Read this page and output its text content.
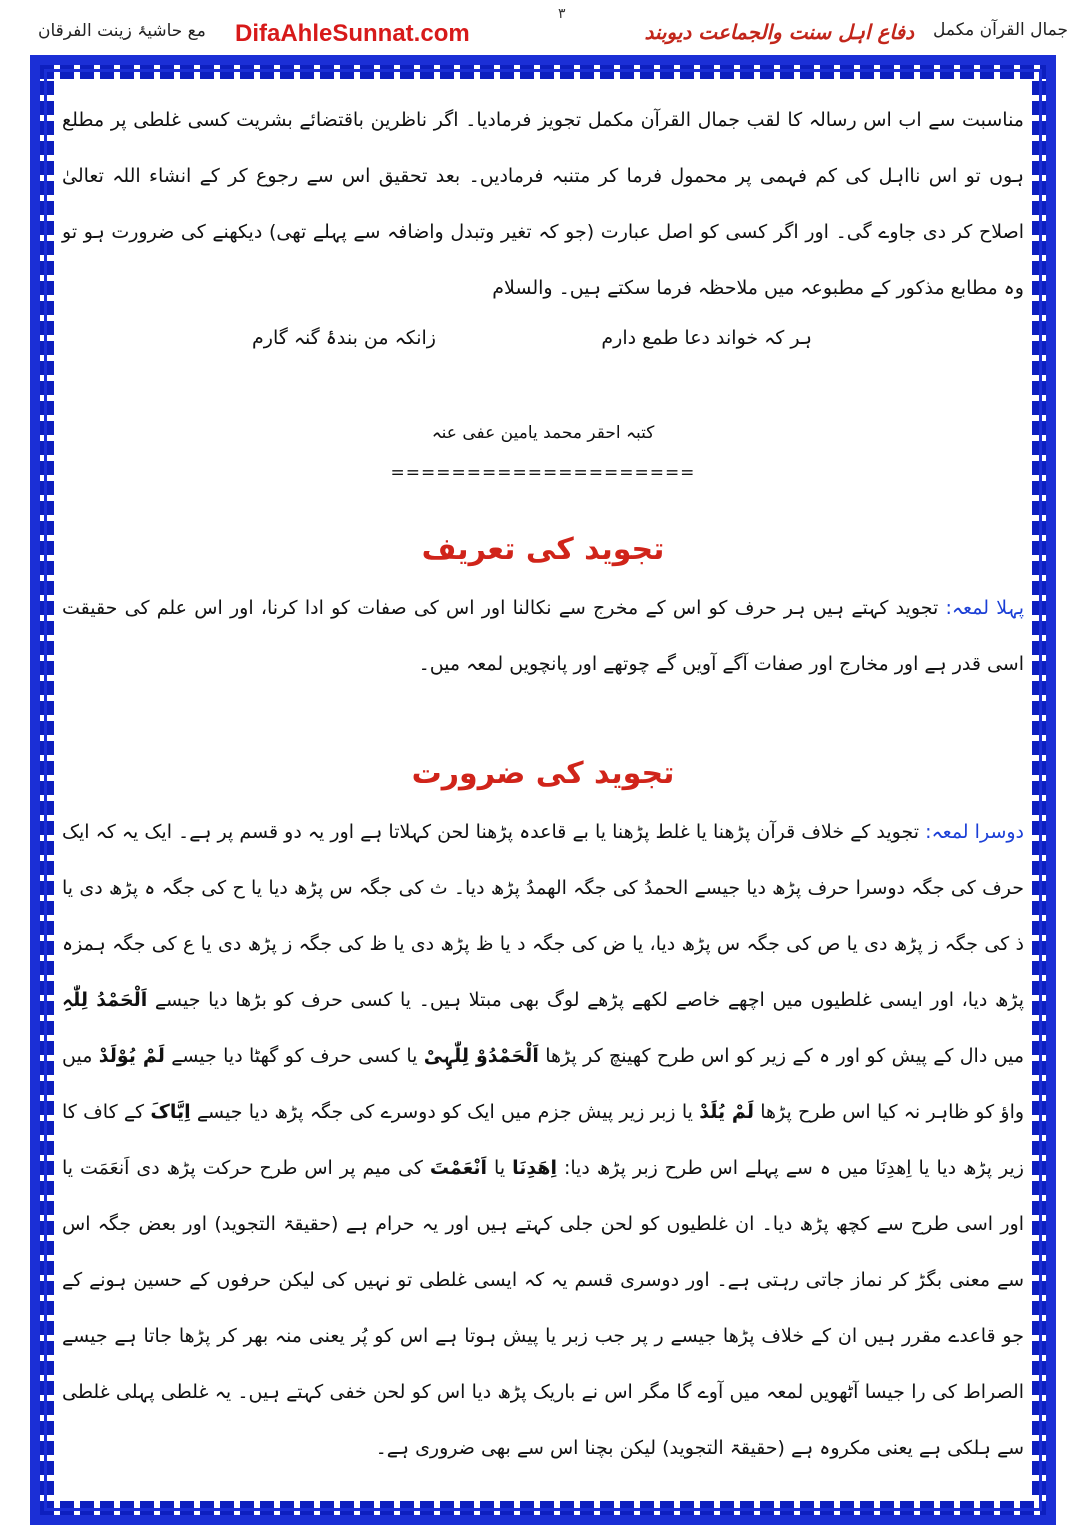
جمال القرآن مکمل
دفاع اہل سنت والجماعت دیوبند
۳
DifaAhleSunnat.com
مع حاشیۂ زینت الفرقان

مناسبت سے اب اس رسالہ کا لقب جمال القرآن مکمل تجویز فرمادیا۔ اگر ناظرین باقتضائے بشریت کسی غلطی پر مطلع ہوں تو اس نااہل کی کم فہمی پر محمول فرما کر متنبہ فرمادیں۔ بعد تحقیق اس سے رجوع کر کے انشاء اللہ تعالیٰ اصلاح کر دی جاوے گی۔ اور اگر کسی کو اصل عبارت (جو کہ تغیر وتبدل واضافہ سے پہلے تھی) دیکھنے کی ضرورت ہو تو وہ مطابع مذکور کے مطبوعہ میں ملاحظہ فرما سکتے ہیں۔ والسلام

ہر کہ خواند دعا طمع دارم
زانکہ من بندۂ گنہ گارم
کتبہ احقر محمد یامین عفی عنہ
====================
تجوید کی تعریف

پہلا لمعہ: تجوید کہتے ہیں ہر حرف کو اس کے مخرج سے نکالنا اور اس کی صفات کو ادا کرنا، اور اس علم کی حقیقت اسی قدر ہے اور مخارج اور صفات آگے آویں گے چوتھے اور پانچویں لمعہ میں۔

تجوید کی ضرورت

دوسرا لمعہ: تجوید کے خلاف قرآن پڑھنا یا غلط پڑھنا یا بے قاعدہ پڑھنا لحن کہلاتا ہے اور یہ دو قسم پر ہے۔ ایک یہ کہ ایک حرف کی جگہ دوسرا حرف پڑھ دیا جیسے الحمدُ کی جگہ الھمدُ پڑھ دیا۔ ث کی جگہ س پڑھ دیا یا ح کی جگہ ہ پڑھ دی یا ذ کی جگہ ز پڑھ دی یا ص کی جگہ س پڑھ دیا، یا ض کی جگہ د یا ظ پڑھ دی یا ظ کی جگہ ز پڑھ دی یا ع کی جگہ ہمزہ پڑھ دیا، اور ایسی غلطیوں میں اچھے خاصے لکھے پڑھے لوگ بھی مبتلا ہیں۔ یا کسی حرف کو بڑھا دیا جیسے اَلْحَمْدُ لِلّٰہِ میں دال کے پیش کو اور ہ کے زیر کو اس طرح کھینچ کر پڑھا اَلْحَمْدُوْ لِلّٰہِیْ یا کسی حرف کو گھٹا دیا جیسے لَمْ یُوْلَدْ میں واؤ کو ظاہر نہ کیا اس طرح پڑھا لَمْ یُلَدْ یا زبر زیر پیش جزم میں ایک کو دوسرے کی جگہ پڑھ دیا جیسے اِیَّاکَ کے کاف کا زیر پڑھ دیا یا اِھدِنَا میں ہ سے پہلے اس طرح زبر پڑھ دیا: اِھَدِنَا یا اَنْعَمْتَ کی میم پر اس طرح حرکت پڑھ دی اَنعَمَت یا اور اسی طرح سے کچھ پڑھ دیا۔ ان غلطیوں کو لحن جلی کہتے ہیں اور یہ حرام ہے (حقیقۃ التجوید) اور بعض جگہ اس سے معنی بگڑ کر نماز جاتی رہتی ہے۔ اور دوسری قسم یہ کہ ایسی غلطی تو نہیں کی لیکن حرفوں کے حسین ہونے کے جو قاعدے مقرر ہیں ان کے خلاف پڑھا جیسے ر پر جب زبر یا پیش ہوتا ہے اس کو پُر یعنی منہ بھر کر پڑھا جاتا ہے جیسے الصراط کی را جیسا آٹھویں لمعہ میں آوے گا مگر اس نے باریک پڑھ دیا اس کو لحن خفی کہتے ہیں۔ یہ غلطی پہلی غلطی سے ہلکی ہے یعنی مکروہ ہے (حقیقۃ التجوید) لیکن بچنا اس سے بھی ضروری ہے۔
